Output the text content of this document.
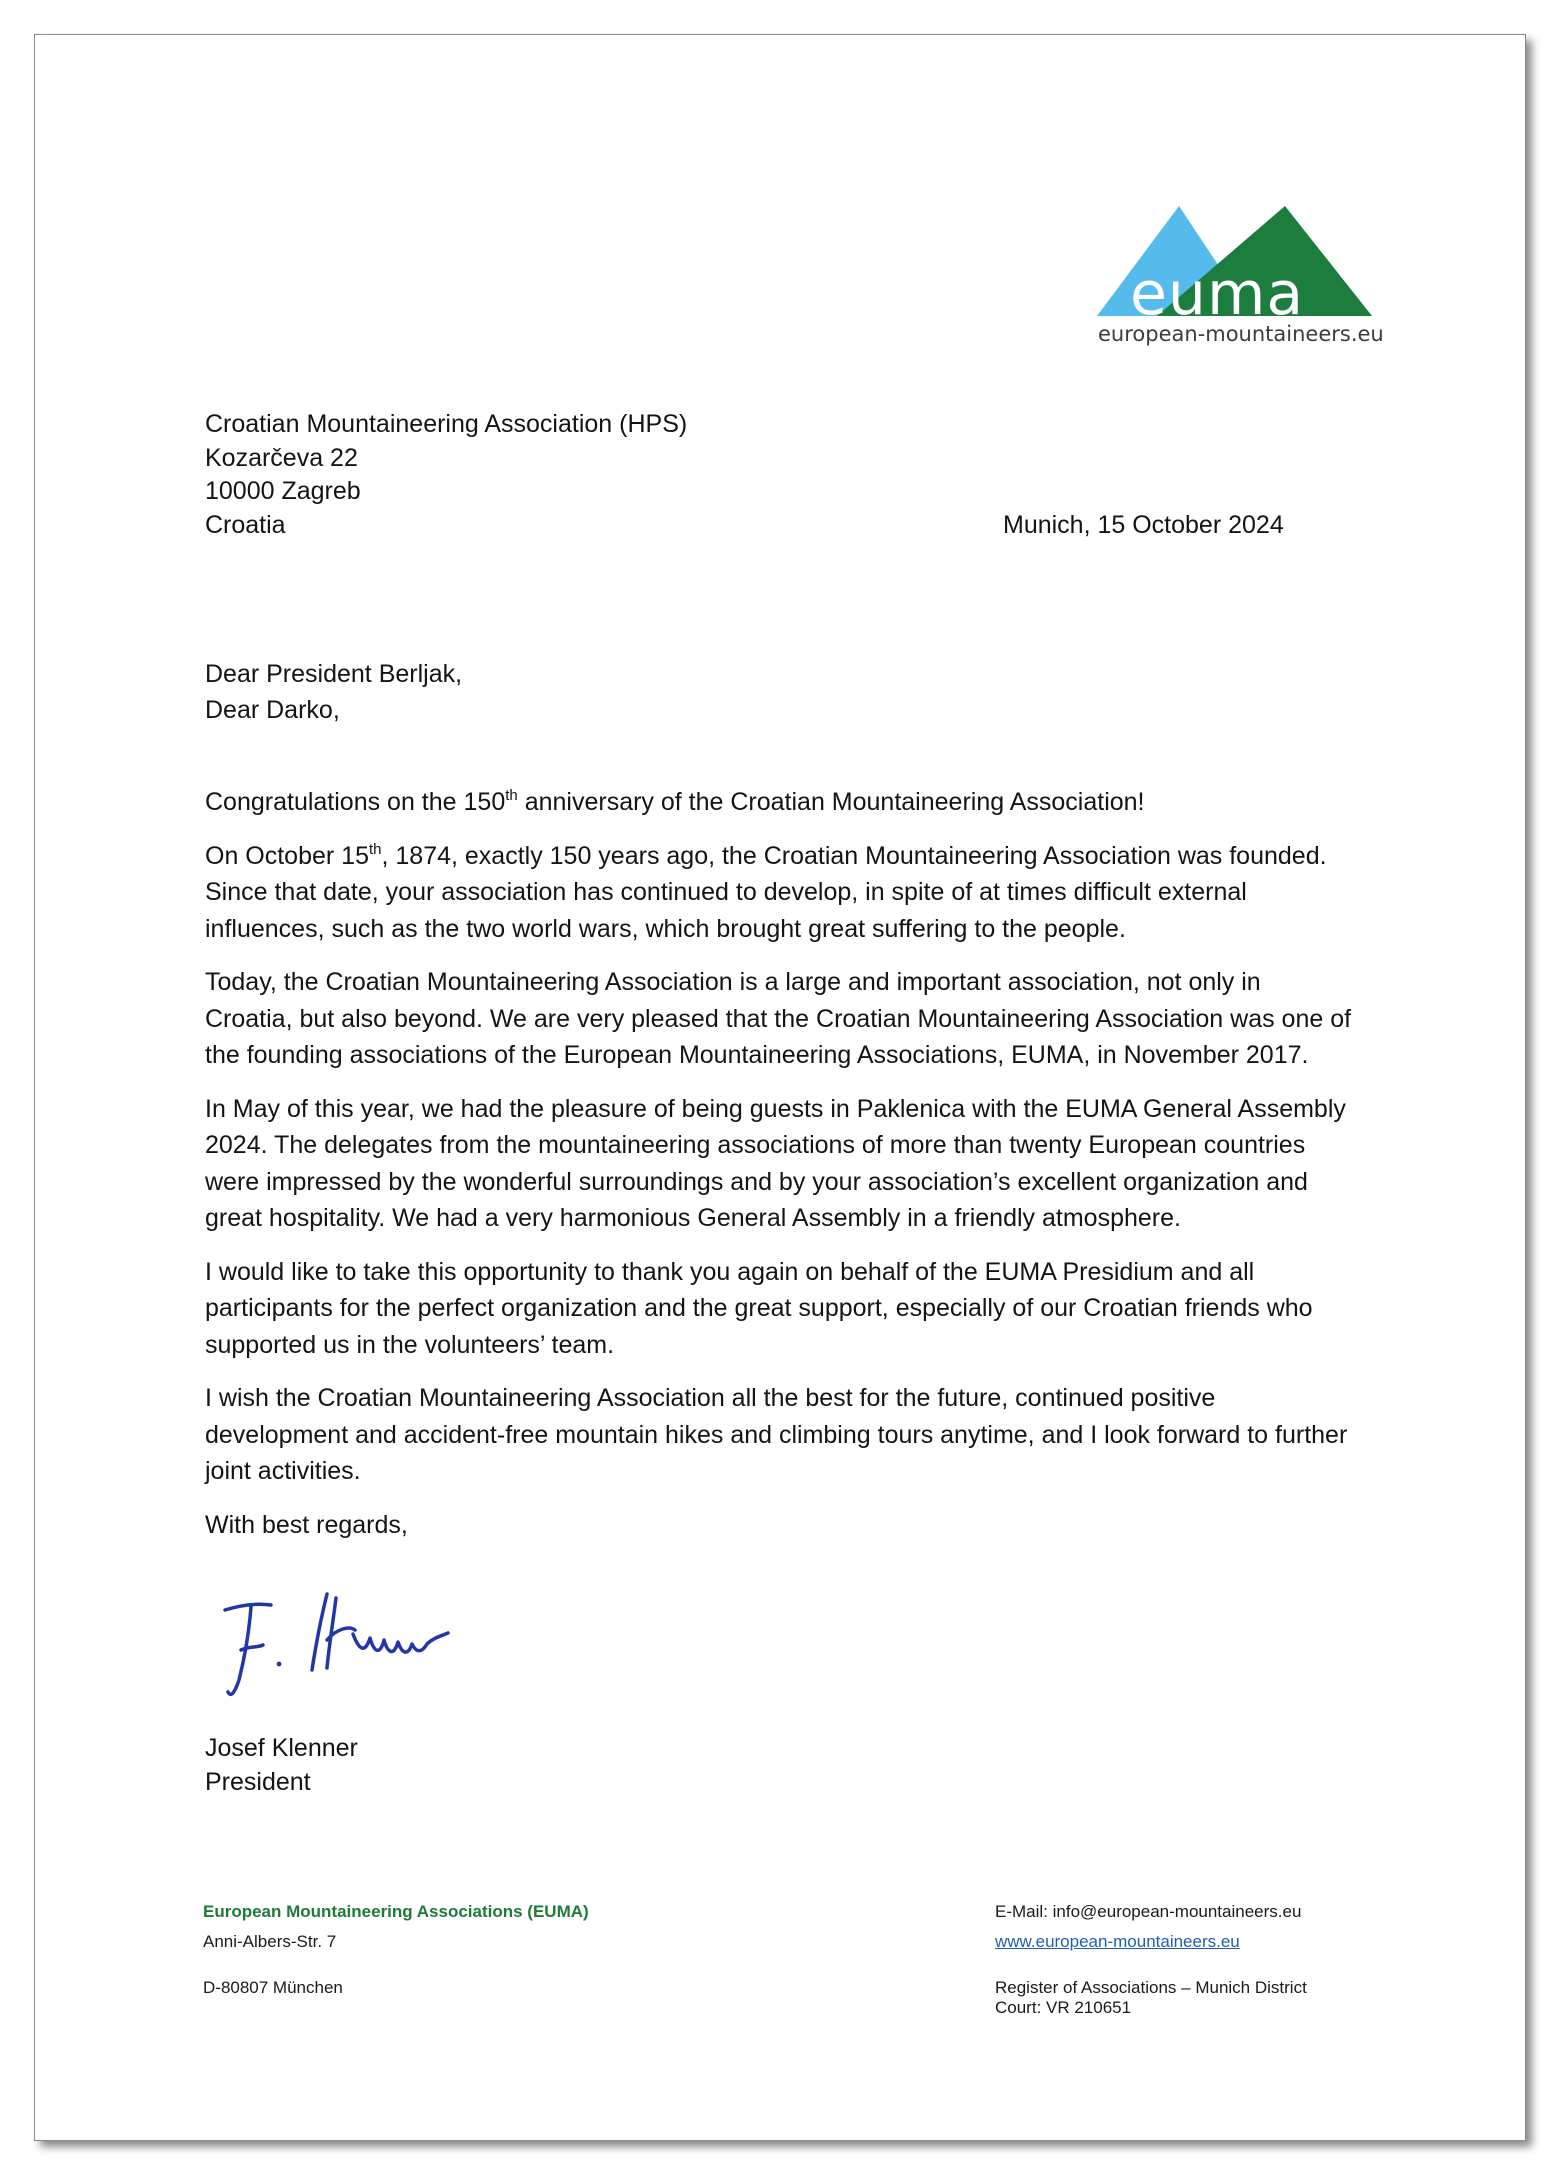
euma
european-mountaineers.eu
Croatian Mountaineering Association (HPS)
Kozarčeva 22
10000 Zagreb
Croatia	Munich, 15 October 2024
Dear President Berljak,
Dear Darko,

Congratulations on the 150th anniversary of the Croatian Mountaineering Association!

On October 15th, 1874, exactly 150 years ago, the Croatian Mountaineering Association was founded. Since that date, your association has continued to develop, in spite of at times difficult external influences, such as the two world wars, which brought great suffering to the people.

Today, the Croatian Mountaineering Association is a large and important association, not only in Croatia, but also beyond. We are very pleased that the Croatian Mountaineering Association was one of the founding associations of the European Mountaineering Associations, EUMA, in November 2017.

In May of this year, we had the pleasure of being guests in Paklenica with the EUMA General Assembly 2024. The delegates from the mountaineering associations of more than twenty European countries were impressed by the wonderful surroundings and by your association’s excellent organization and great hospitality. We had a very harmonious General Assembly in a friendly atmosphere.

I would like to take this opportunity to thank you again on behalf of the EUMA Presidium and all participants for the perfect organization and the great support, especially of our Croatian friends who supported us in the volunteers’ team.

I wish the Croatian Mountaineering Association all the best for the future, continued positive development and accident-free mountain hikes and climbing tours anytime, and I look forward to further joint activities.

With best regards,

Josef Klenner
President
European Mountaineering Associations (EUMA)
Anni-Albers-Str. 7
D-80807 München
E-Mail: info@european-mountaineers.eu
www.european-mountaineers.eu
Register of Associations – Munich District
Court: VR 210651
